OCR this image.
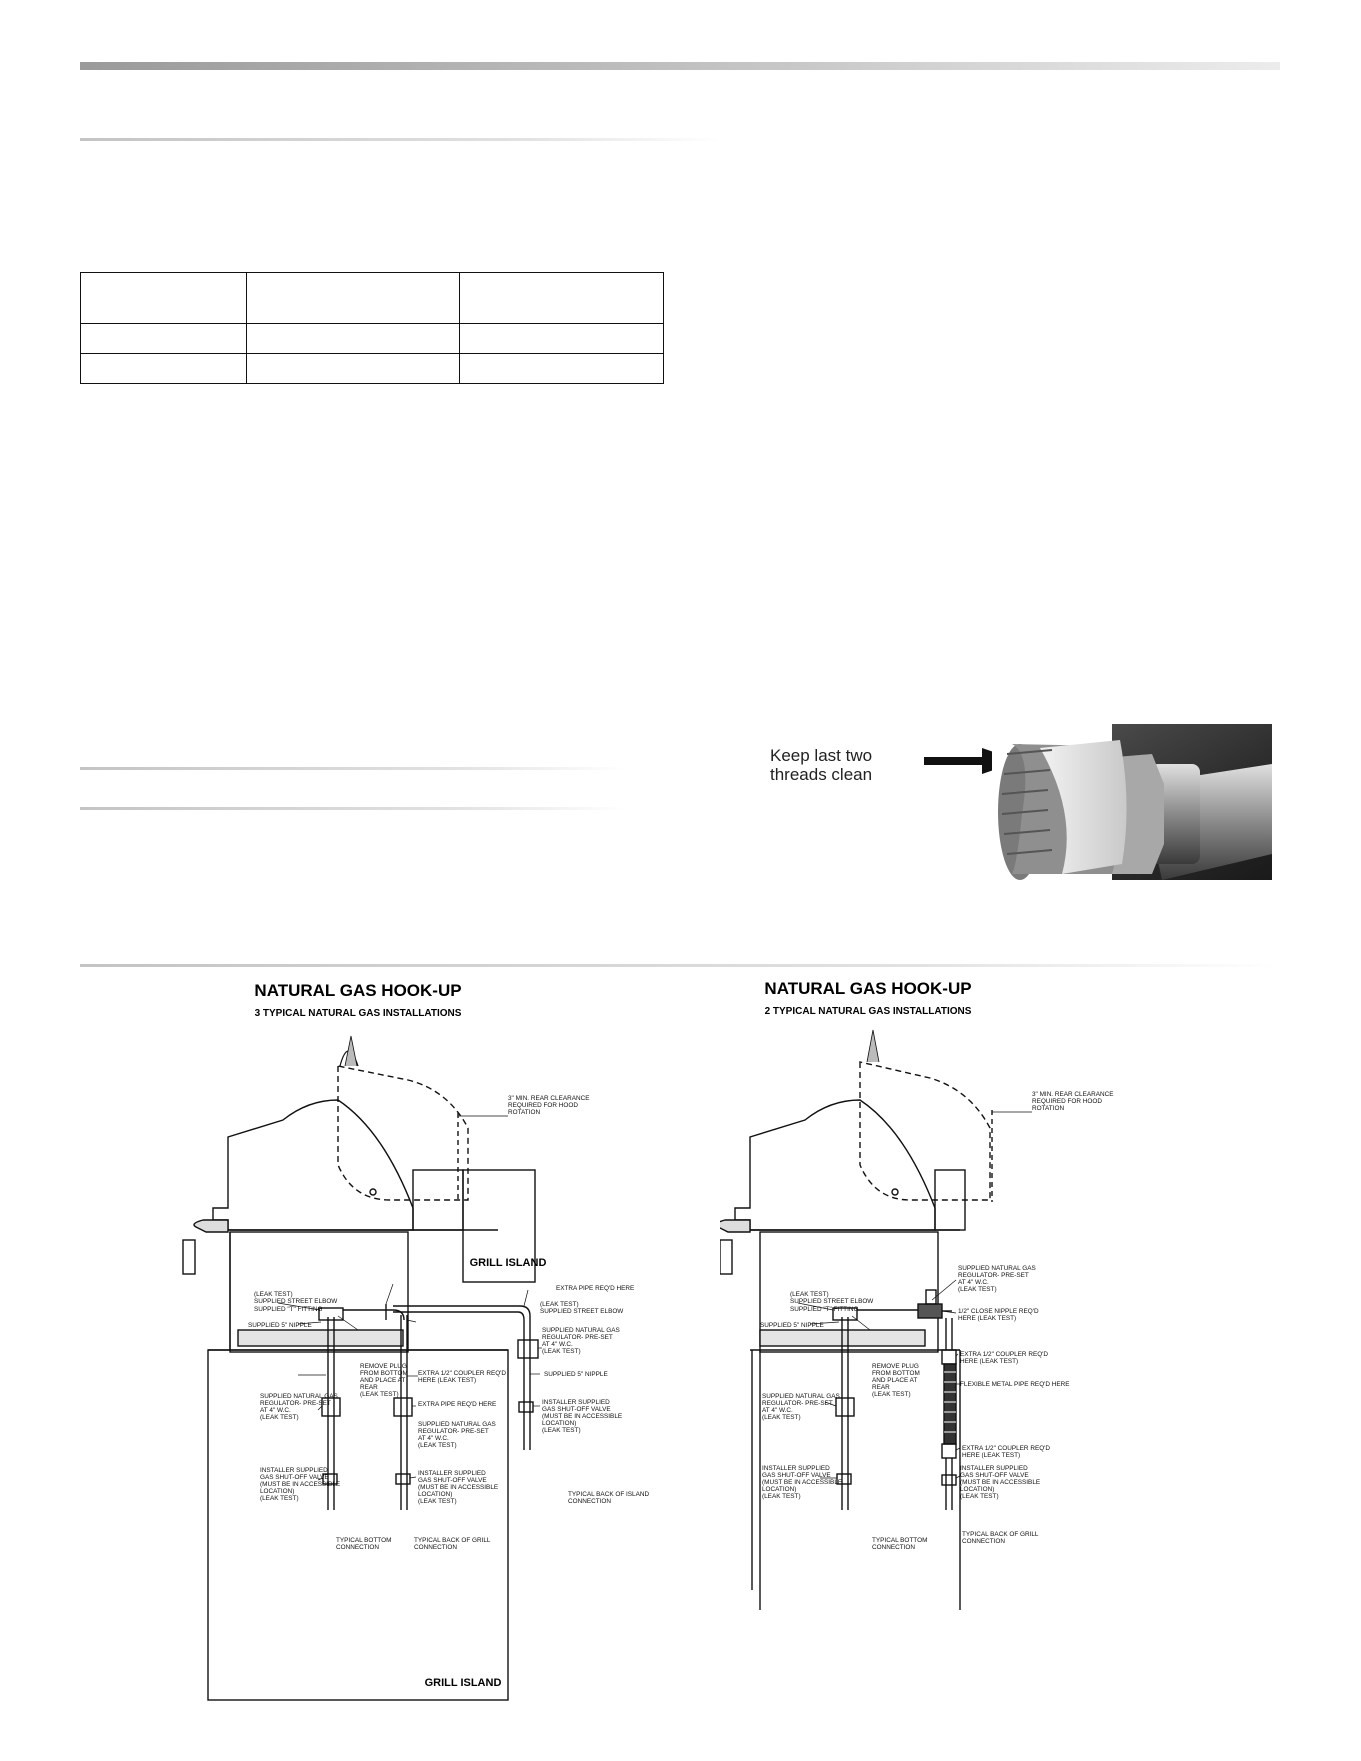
Keep last two
threads clean
NATURAL GAS HOOK-UP
3 TYPICAL NATURAL GAS INSTALLATIONS
GRILL ISLAND
GRILL ISLAND
3" MIN. REAR CLEARANCE REQUIRED FOR HOOD ROTATION
(LEAK TEST)
SUPPLIED STREET ELBOW
SUPPLIED "T" FITTING
SUPPLIED 5" NIPPLE
REMOVE PLUG FROM BOTTOM AND PLACE AT REAR (LEAK TEST)
SUPPLIED NATURAL GAS REGULATOR- PRE-SET AT 4" W.C. (LEAK TEST)
INSTALLER SUPPLIED GAS SHUT-OFF VALVE (MUST BE IN ACCESSIBLE LOCATION) (LEAK TEST)
EXTRA 1/2" COUPLER REQ'D HERE (LEAK TEST)
EXTRA PIPE REQ'D HERE
SUPPLIED NATURAL GAS REGULATOR- PRE-SET AT 4" W.C. (LEAK TEST)
INSTALLER SUPPLIED GAS SHUT-OFF VALVE (MUST BE IN ACCESSIBLE LOCATION) (LEAK TEST)
EXTRA PIPE REQ'D HERE
(LEAK TEST)
SUPPLIED STREET ELBOW
SUPPLIED NATURAL GAS REGULATOR- PRE-SET AT 4" W.C. (LEAK TEST)
SUPPLIED 5" NIPPLE
INSTALLER SUPPLIED GAS SHUT-OFF VALVE (MUST BE IN ACCESSIBLE LOCATION) (LEAK TEST)
TYPICAL BOTTOM CONNECTION
TYPICAL BACK OF GRILL CONNECTION
TYPICAL BACK OF ISLAND CONNECTION
NATURAL GAS HOOK-UP
2 TYPICAL NATURAL GAS INSTALLATIONS
3" MIN. REAR CLEARANCE REQUIRED FOR HOOD ROTATION
(LEAK TEST)
SUPPLIED STREET ELBOW
SUPPLIED "T" FITTING
SUPPLIED 5" NIPPLE
REMOVE PLUG FROM BOTTOM AND PLACE AT REAR (LEAK TEST)
SUPPLIED NATURAL GAS REGULATOR- PRE-SET AT 4" W.C. (LEAK TEST)
INSTALLER SUPPLIED GAS SHUT-OFF VALVE (MUST BE IN ACCESSIBLE LOCATION) (LEAK TEST)
SUPPLIED NATURAL GAS REGULATOR- PRE-SET AT 4" W.C. (LEAK TEST)
1/2" CLOSE NIPPLE REQ'D HERE (LEAK TEST)
EXTRA 1/2" COUPLER REQ'D HERE (LEAK TEST)
FLEXIBLE METAL PIPE REQ'D HERE
EXTRA 1/2" COUPLER REQ'D HERE (LEAK TEST)
INSTALLER SUPPLIED GAS SHUT-OFF VALVE (MUST BE IN ACCESSIBLE LOCATION) (LEAK TEST)
TYPICAL BOTTOM CONNECTION
TYPICAL BACK OF GRILL CONNECTION
